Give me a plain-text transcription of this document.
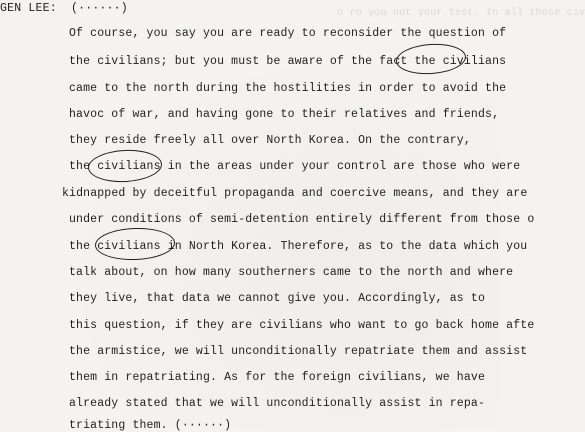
o ro you not your test. In all those civ
GEN LEE:  (······)
Of course, you say you are ready to reconsider the question of
the civilians; but you must be aware of the fact the civilians
came to the north during the hostilities in order to avoid the
havoc of war, and having gone to their relatives and friends,
they reside freely all over North Korea. On the contrary,
the civilians in the areas under your control are those who were
kidnapped by deceitful propaganda and coercive means, and they are
under conditions of semi-detention entirely different from those o
the civilians in North Korea. Therefore, as to the data which you
talk about, on how many southerners came to the north and where
they live, that data we cannot give you. Accordingly, as to
this question, if they are civilians who want to go back home afte
the armistice, we will unconditionally repatriate them and assist
them in repatriating. As for the foreign civilians, we have
already stated that we will unconditionally assist in repa-
triating them. (······)
